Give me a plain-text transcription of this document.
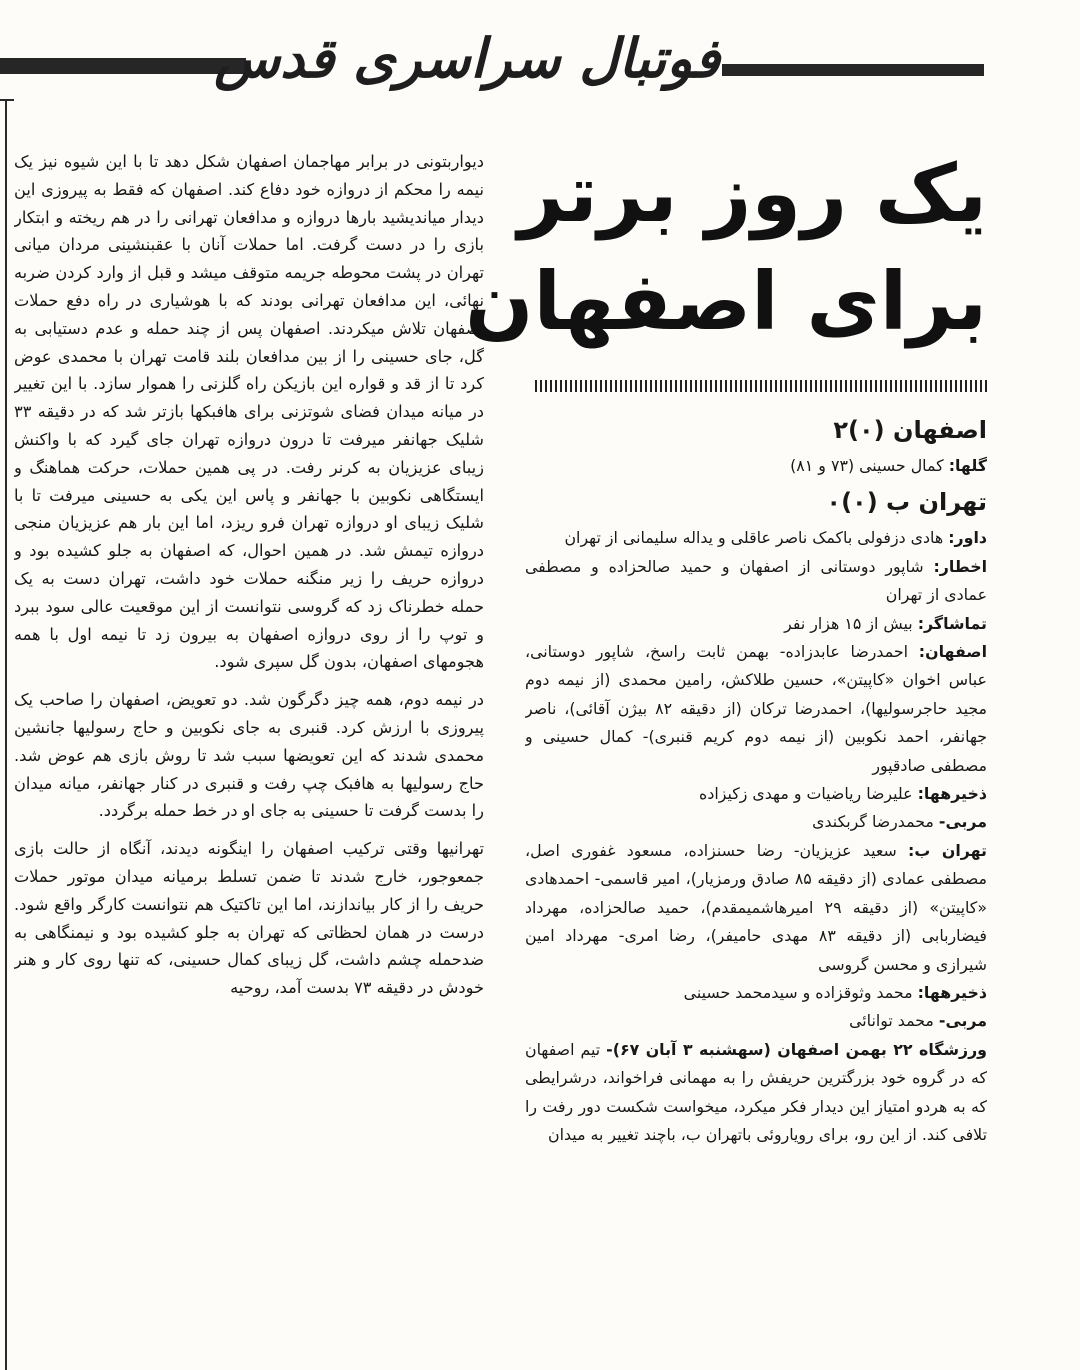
فوتبال سراسری قدس

دیواربتونی در برابر مهاجمان اصفهان شکل دهد تا با این شیوه نیز یک نیمه را محکم از دروازه خود دفاع کند. اصفهان که فقط به پیروزی این دیدار میاندیشید بارها دروازه و مدافعان تهرانی را در هم ریخته و ابتکار بازی را در دست گرفت. اما حملات آنان با عقبنشینی مردان میانی تهران در پشت محوطه جریمه متوقف میشد و قبل از وارد کردن ضربه نهائی، این مدافعان تهرانی بودند که با هوشیاری در راه دفع حملات اصفهان تلاش میکردند. اصفهان پس از چند حمله و عدم دستیابی به گل، جای حسینی را از بین مدافعان بلند قامت تهران با محمدی عوض کرد تا از قد و قواره این بازیکن راه گلزنی را هموار سازد. با این تغییر در میانه میدان فضای شوتزنی برای هافبکها بازتر شد که در دقیقه ۳۳ شلیک جهانفر میرفت تا درون دروازه تهران جای گیرد که با واکنش زیبای عزیزیان به کرنر رفت. در پی همین حملات، حرکت هماهنگ و ایستگاهی نکوبین با جهانفر و پاس این یکی به حسینی میرفت تا با شلیک زیبای او دروازه تهران فرو ریزد، اما این بار هم عزیزیان منجی دروازه تیمش شد. در همین احوال، که اصفهان به جلو کشیده بود و دروازه حریف را زیر منگنه حملات خود داشت، تهران دست به یک حمله خطرناک زد که گروسی نتوانست از این موقعیت عالی سود ببرد و توپ را از روی دروازه اصفهان به بیرون زد تا نیمه اول با همه هجومهای اصفهان، بدون گل سپری شود.

در نیمه دوم، همه چیز دگرگون شد. دو تعویض، اصفهان را صاحب یک پیروزی با ارزش کرد. قنبری به جای نکوبین و حاج رسولیها جانشین محمدی شدند که این تعویضها سبب شد تا روش بازی هم عوض شد. حاج رسولیها به هافبک چپ رفت و قنبری در کنار جهانفر، میانه میدان را بدست گرفت تا حسینی به جای او در خط حمله برگردد.

تهرانیها وقتی ترکیب اصفهان را اینگونه دیدند، آنگاه از حالت بازی جمعوجور، خارج شدند تا ضمن تسلط برمیانه میدان موتور حملات حریف را از کار بیاندازند، اما این تاکتیک هم نتوانست کارگر واقع شود. درست در همان لحظاتی که تهران به جلو کشیده بود و نیمنگاهی به ضدحمله چشم داشت، گل زیبای کمال حسینی، که تنها روی کار و هنر خودش در دقیقه ۷۳ بدست آمد، روحیه

یک روز برتر
برای اصفهان
اصفهان (۰)۲
گلها: کمال حسینی (۷۳ و ۸۱)
تهران ب (۰)۰
داور: هادی دزفولی باکمک ناصر عاقلی و یداله سلیمانی از تهران
اخطار: شاپور دوستانی از اصفهان و حمید صالحزاده و مصطفی عمادی از تهران
تماشاگر: بیش از ۱۵ هزار نفر
اصفهان: احمدرضا عابدزاده- بهمن ثابت راسخ، شاپور دوستانی، عباس اخوان «کاپیتن»، حسین طلاکش، رامین محمدی (از نیمه دوم مجید حاجرسولیها)، احمدرضا ترکان (از دقیقه ۸۲ بیژن آقائی)، ناصر جهانفر، احمد نکوبین (از نیمه دوم کریم قنبری)- کمال حسینی و مصطفی صادقپور
ذخیرهها: علیرضا ریاضیات و مهدی زکیزاده
مربی- محمدرضا گربکندی
تهران ب: سعید عزیزیان- رضا حسنزاده، مسعود غفوری اصل، مصطفی عمادی (از دقیقه ۸۵ صادق ورمزیار)، امیر قاسمی- احمدهادی «کاپیتن» (از دقیقه ۲۹ امیرهاشمیمقدم)، حمید صالحزاده، مهرداد فیضاربابی (از دقیقه ۸۳ مهدی حامیفر)، رضا امری- مهرداد امین شیرازی و محسن گروسی
ذخیرهها: محمد وثوقزاده و سیدمحمد حسینی
مربی- محمد توانائی
ورزشگاه ۲۲ بهمن اصفهان (سهشنبه ۳ آبان ۶۷)- تیم اصفهان که در گروه خود بزرگترین حریفش را به مهمانی فراخواند، درشرایطی که به هردو امتیاز این دیدار فکر میکرد، میخواست شکست دور رفت را تلافی کند. از این رو، برای رویاروئی باتهران ب، باچند تغییر به میدان
